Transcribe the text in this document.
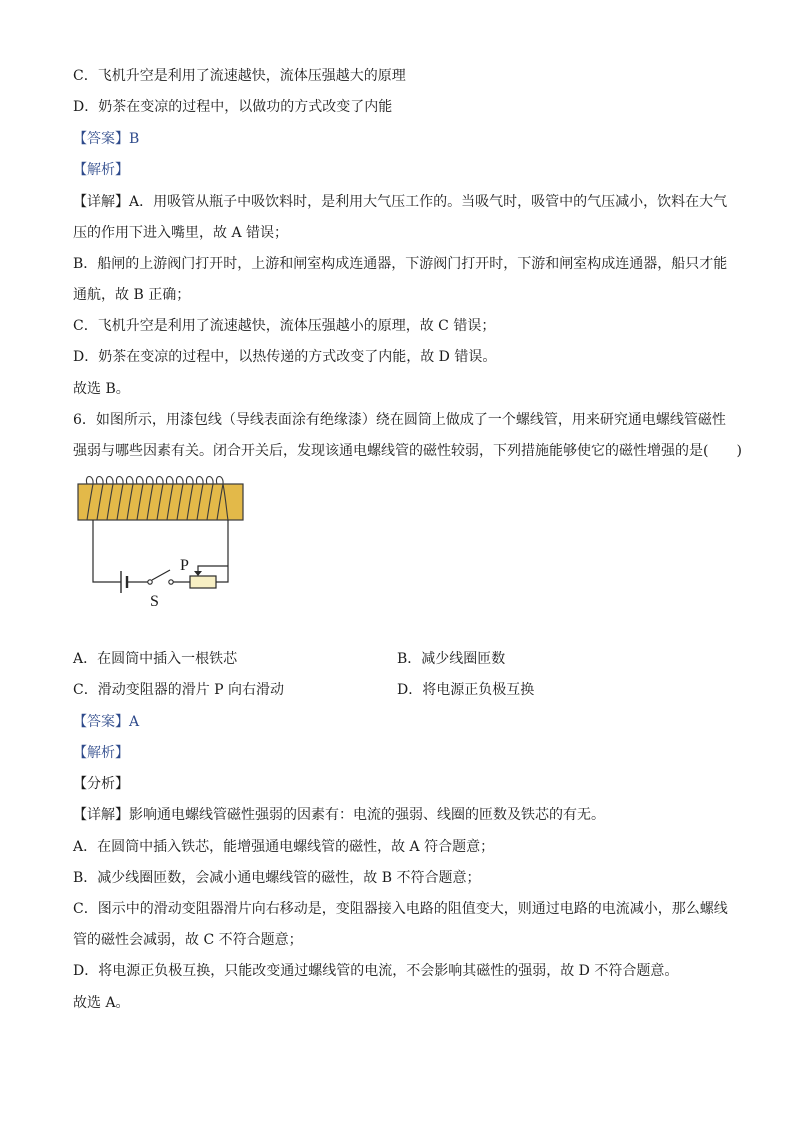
C．飞机升空是利用了流速越快，流体压强越大的原理
D．奶茶在变凉的过程中，以做功的方式改变了内能
【答案】B
【解析】
【详解】A．用吸管从瓶子中吸饮料时，是利用大气压工作的。当吸气时，吸管中的气压减小，饮料在大气
压的作用下进入嘴里，故 A 错误；
B．船闸的上游阀门打开时，上游和闸室构成连通器，下游阀门打开时，下游和闸室构成连通器，船只才能
通航，故 B 正确；
C．飞机升空是利用了流速越快，流体压强越小的原理，故 C 错误；
D．奶茶在变凉的过程中，以热传递的方式改变了内能，故 D 错误。
故选 B。
6．如图所示，用漆包线（导线表面涂有绝缘漆）绕在圆筒上做成了一个螺线管，用来研究通电螺线管磁性
强弱与哪些因素有关。闭合开关后，发现该通电螺线管的磁性较弱，下列措施能够使它的磁性增强的是(　　)
P
S
A．在圆筒中插入一根铁芯	B．减少线圈匝数
C．滑动变阻器的滑片 P 向右滑动	D．将电源正负极互换
【答案】A
【解析】
【分析】
【详解】影响通电螺线管磁性强弱的因素有：电流的强弱、线圈的匝数及铁芯的有无。
A．在圆筒中插入铁芯，能增强通电螺线管的磁性，故 A 符合题意；
B．减少线圈匝数，会减小通电螺线管的磁性，故 B 不符合题意；
C．图示中的滑动变阻器滑片向右移动是，变阻器接入电路的阻值变大，则通过电路的电流减小，那么螺线
管的磁性会减弱，故 C 不符合题意；
D．将电源正负极互换，只能改变通过螺线管的电流，不会影响其磁性的强弱，故 D 不符合题意。
故选 A。
